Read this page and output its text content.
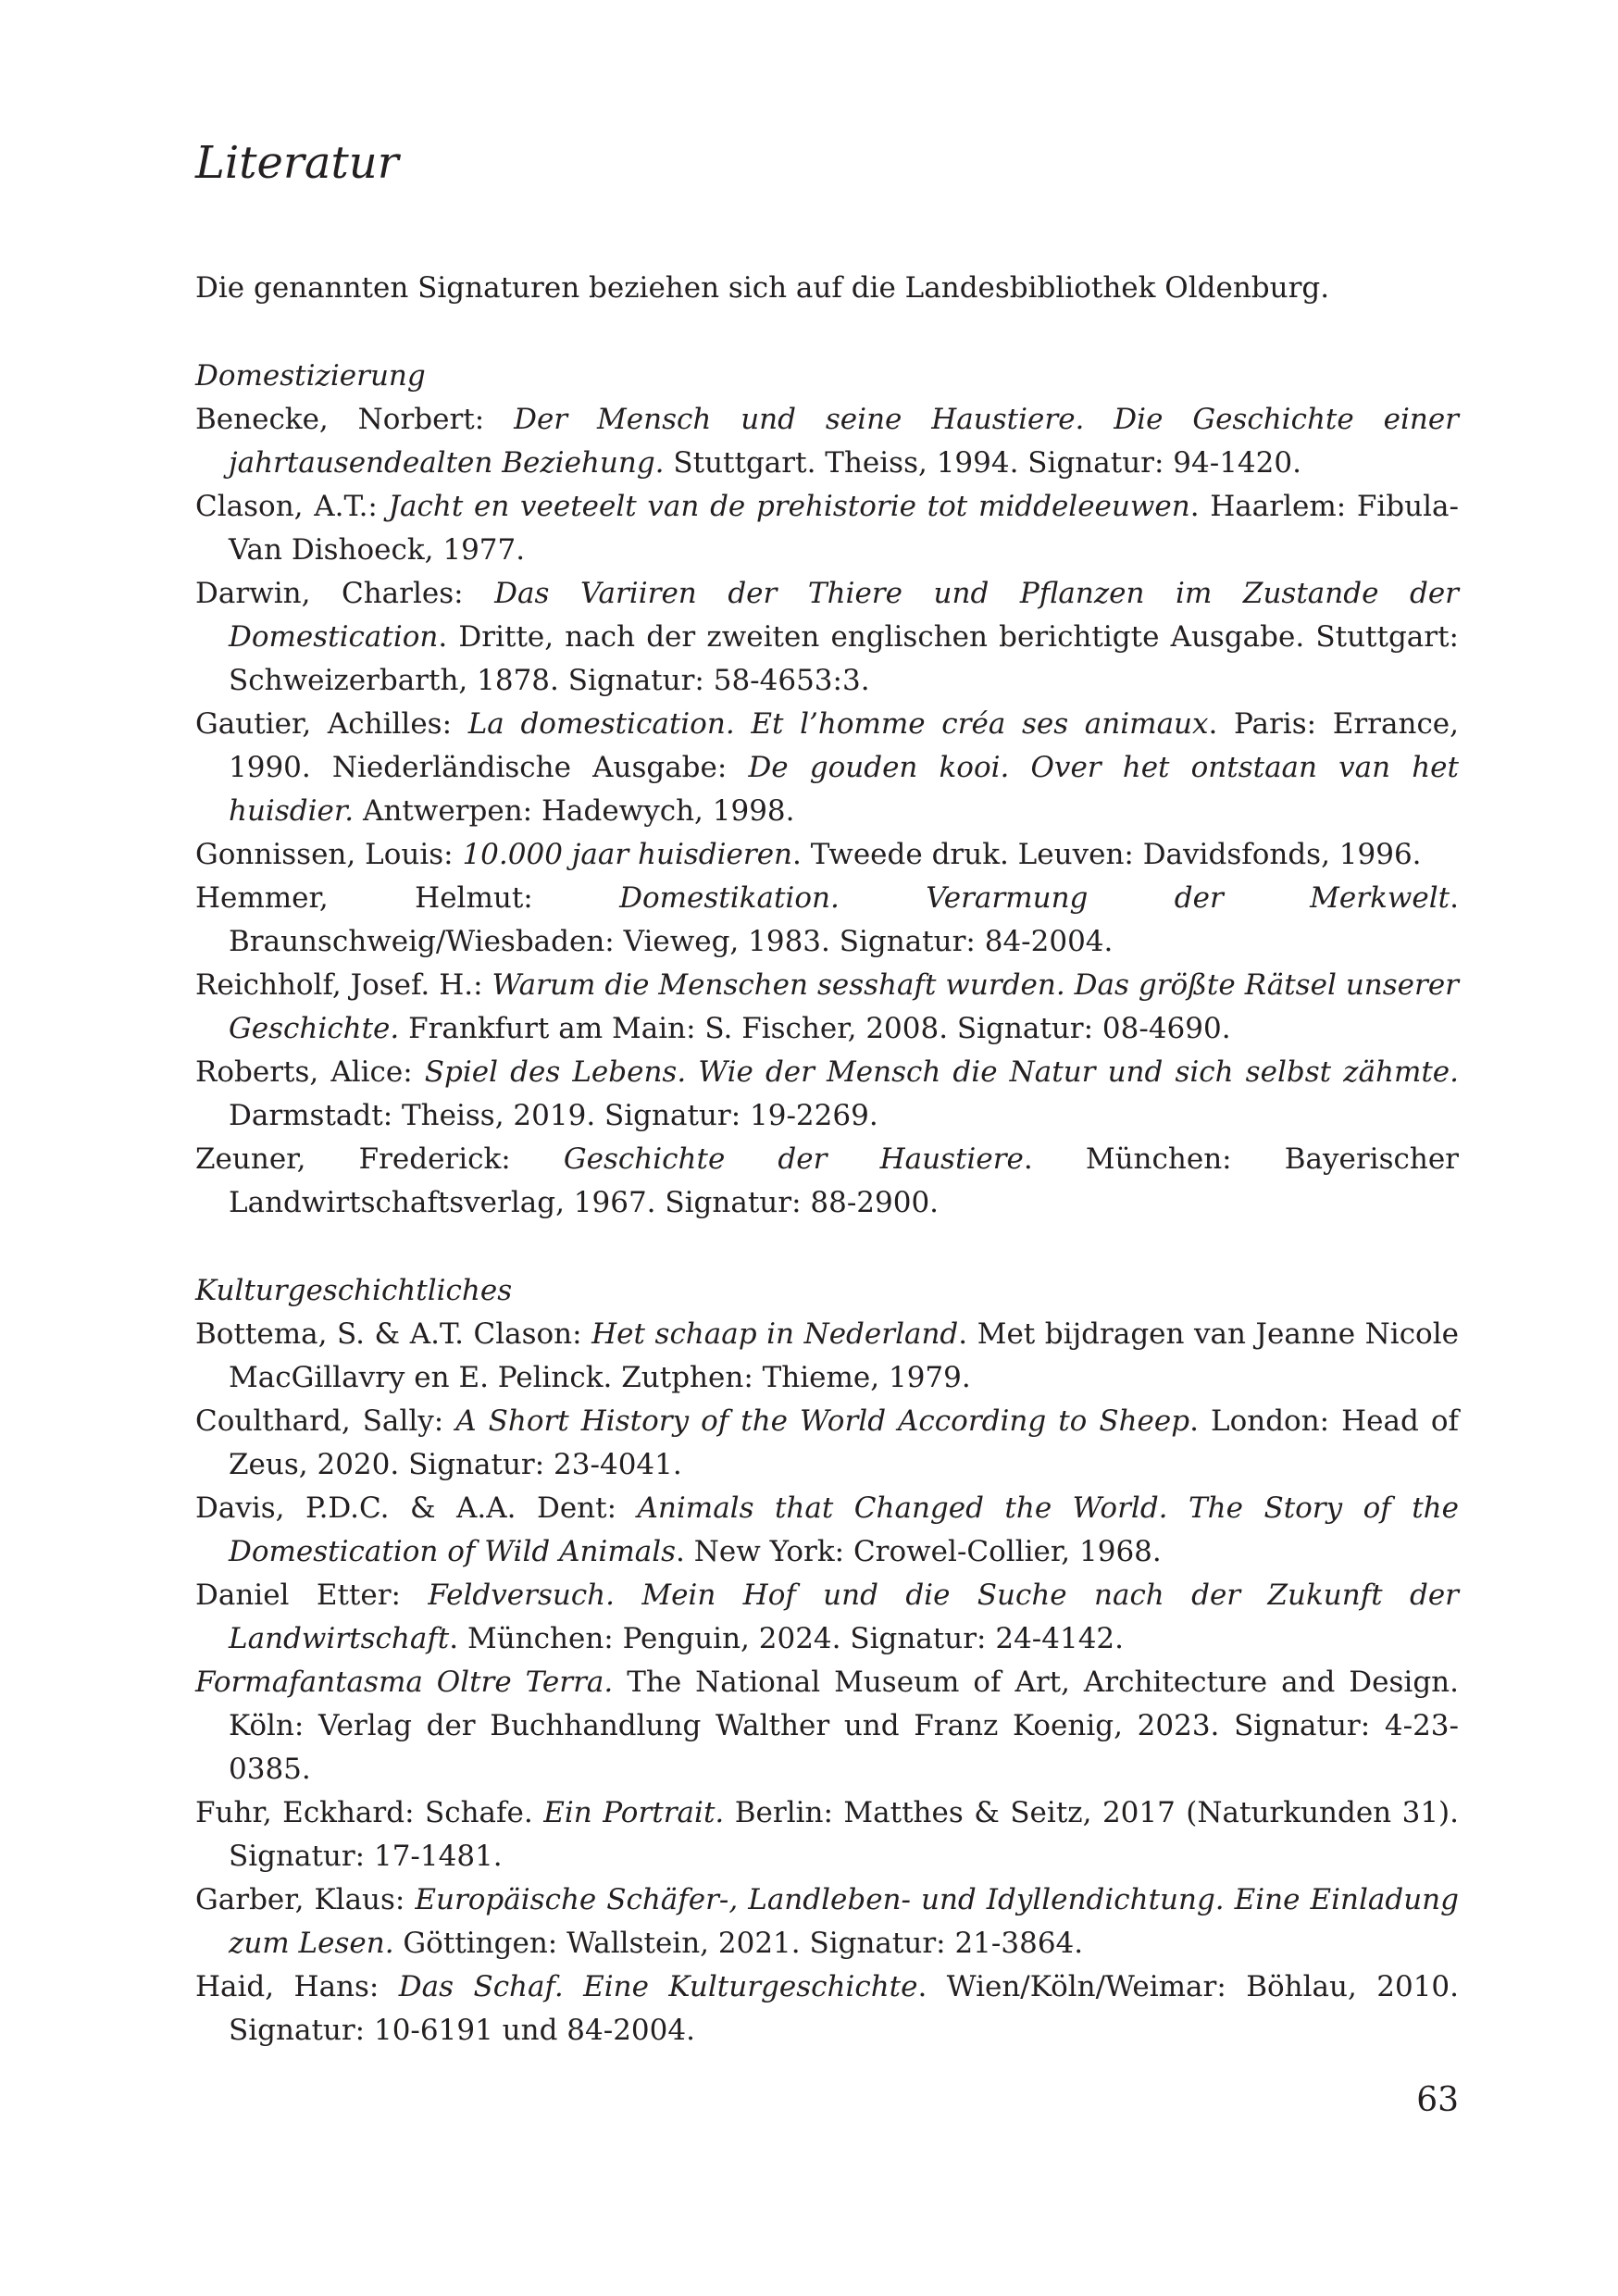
Literatur

Die genannten Signaturen beziehen sich auf die Landesbibliothek Oldenburg.

Domestizierung

Benecke, Norbert: Der Mensch und seine Haustiere. Die Geschichte einer jahrtausendealten Beziehung. Stuttgart. Theiss, 1994. Signatur: 94-1420.

Clason, A.T.: Jacht en veeteelt van de prehistorie tot middeleeuwen. Haarlem: Fibula-Van Dishoeck, 1977.

Darwin, Charles: Das Variiren der Thiere und Pflanzen im Zustande der Domestication. Dritte, nach der zweiten englischen berichtigte Ausgabe. Stuttgart: Schweizerbarth, 1878. Signatur: 58-4653:3.

Gautier, Achilles: La domestication. Et l’homme créa ses animaux. Paris: Errance, 1990. Niederländische Ausgabe: De gouden kooi. Over het ontstaan van het huisdier. Antwerpen: Hadewych, 1998.

Gonnissen, Louis: 10.000 jaar huisdieren. Tweede druk. Leuven: Davidsfonds, 1996.

Hemmer, Helmut: Domestikation. Verarmung der Merkwelt. Braunschweig/Wiesbaden: Vieweg, 1983. Signatur: 84-2004.

Reichholf, Josef. H.: Warum die Menschen sesshaft wurden. Das größte Rätsel unserer Geschichte. Frankfurt am Main: S. Fischer, 2008. Signatur: 08-4690.

Roberts, Alice: Spiel des Lebens. Wie der Mensch die Natur und sich selbst zähmte. Darmstadt: Theiss, 2019. Signatur: 19-2269.

Zeuner, Frederick: Geschichte der Haustiere. München: Bayerischer Landwirtschaftsverlag, 1967. Signatur: 88-2900.

Kulturgeschichtliches

Bottema, S. & A.T. Clason: Het schaap in Nederland. Met bijdragen van Jeanne Nicole MacGillavry en E. Pelinck. Zutphen: Thieme, 1979.

Coulthard, Sally: A Short History of the World According to Sheep. London: Head of Zeus, 2020. Signatur: 23-4041.

Davis, P.D.C. & A.A. Dent: Animals that Changed the World. The Story of the Domestication of Wild Animals. New York: Crowel-Collier, 1968.

Daniel Etter: Feldversuch. Mein Hof und die Suche nach der Zukunft der Landwirtschaft. München: Penguin, 2024. Signatur: 24-4142.

Formafantasma Oltre Terra. The National Museum of Art, Architecture and Design. Köln: Verlag der Buchhandlung Walther und Franz Koenig, 2023. Signatur: 4-23-0385.

Fuhr, Eckhard: Schafe. Ein Portrait. Berlin: Matthes & Seitz, 2017 (Naturkunden 31). Signatur: 17-1481.

Garber, Klaus: Europäische Schäfer-, Landleben- und Idyllendichtung. Eine Einladung zum Lesen. Göttingen: Wallstein, 2021. Signatur: 21-3864.

Haid, Hans: Das Schaf. Eine Kulturgeschichte. Wien/Köln/Weimar: Böhlau, 2010. Signatur: 10-6191 und 84-2004.

63
